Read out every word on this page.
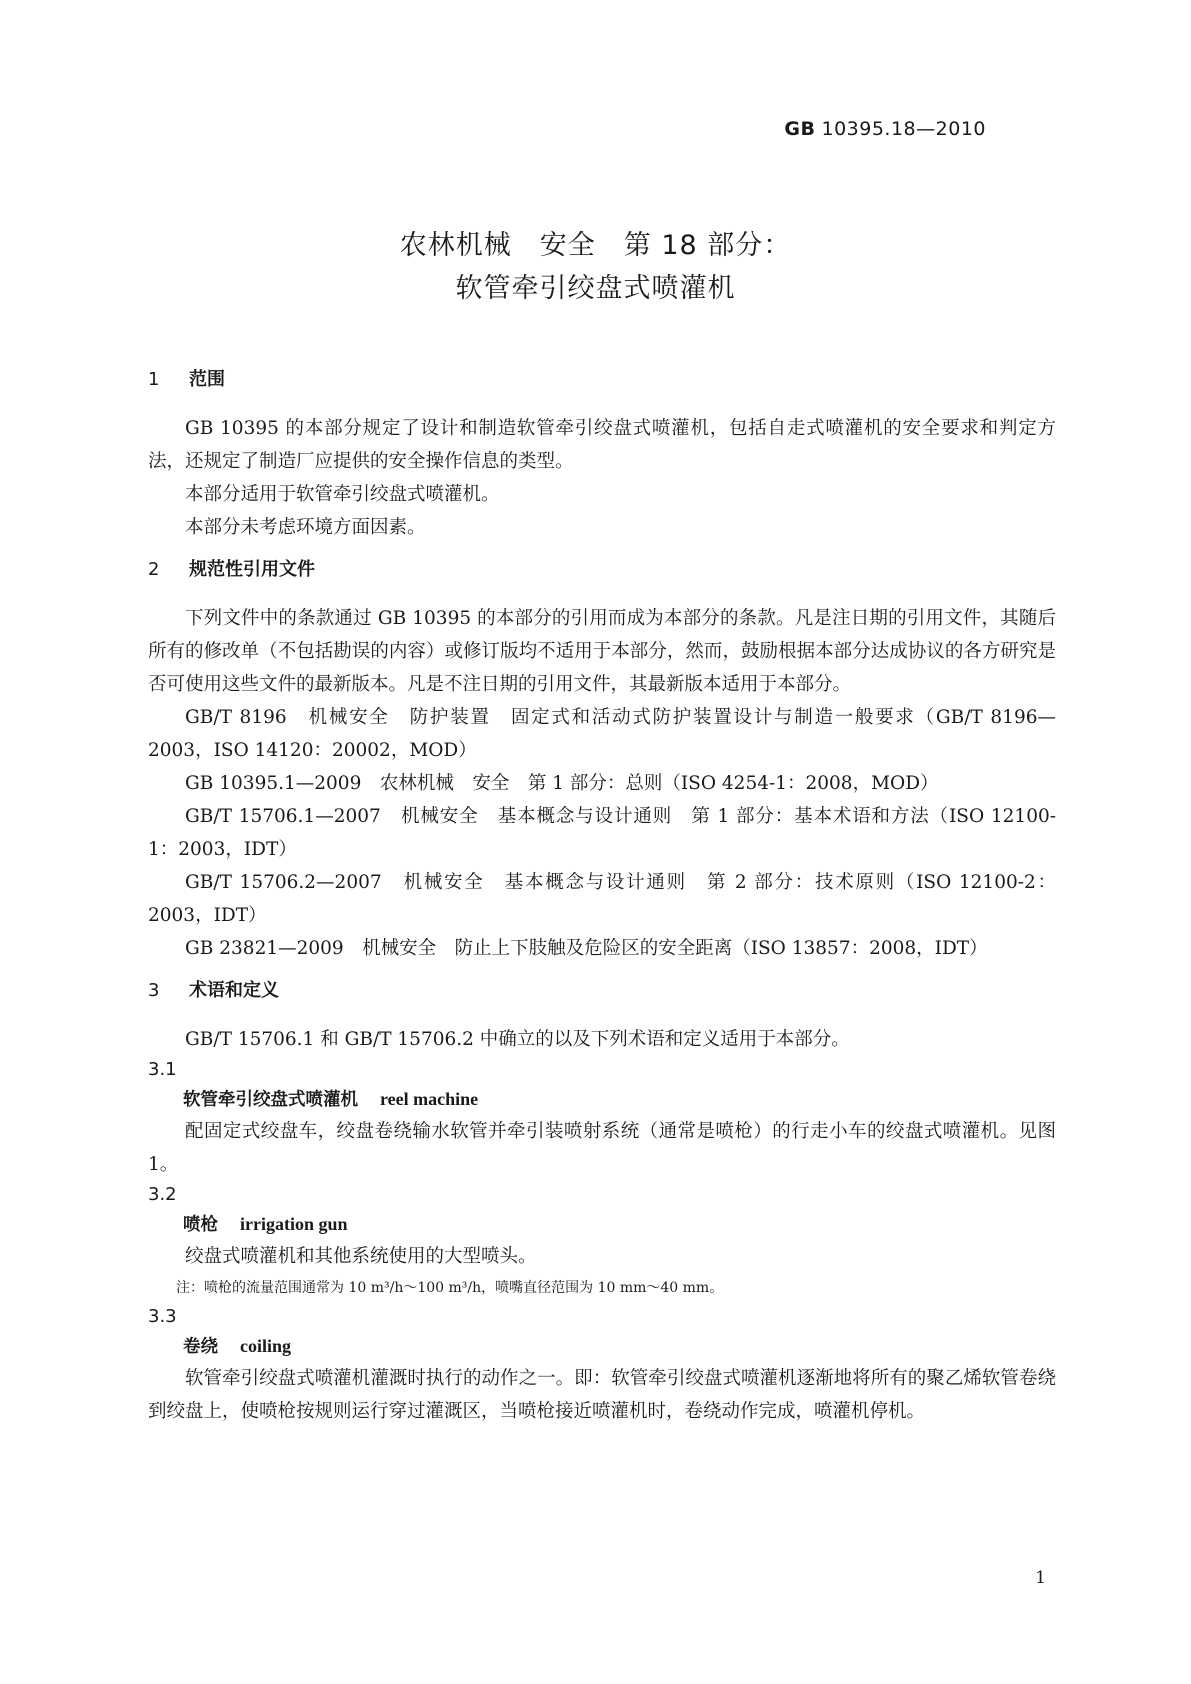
GB 10395.18—2010
农林机械　安全　第 18 部分：
软管牵引绞盘式喷灌机
1 范围
GB 10395 的本部分规定了设计和制造软管牵引绞盘式喷灌机，包括自走式喷灌机的安全要求和判定方法，还规定了制造厂应提供的安全操作信息的类型。
本部分适用于软管牵引绞盘式喷灌机。
本部分未考虑环境方面因素。
2 规范性引用文件
下列文件中的条款通过 GB 10395 的本部分的引用而成为本部分的条款。凡是注日期的引用文件，其随后所有的修改单（不包括勘误的内容）或修订版均不适用于本部分，然而，鼓励根据本部分达成协议的各方研究是否可使用这些文件的最新版本。凡是不注日期的引用文件，其最新版本适用于本部分。
GB/T 8196　机械安全　防护装置　固定式和活动式防护装置设计与制造一般要求（GB/T 8196—2003，ISO 14120：20002，MOD）
GB 10395.1—2009　农林机械　安全　第 1 部分：总则（ISO 4254-1：2008，MOD）
GB/T 15706.1—2007　机械安全　基本概念与设计通则　第 1 部分：基本术语和方法（ISO 12100-1：2003，IDT）
GB/T 15706.2—2007　机械安全　基本概念与设计通则　第 2 部分：技术原则（ISO 12100-2：2003，IDT）
GB 23821—2009　机械安全　防止上下肢触及危险区的安全距离（ISO 13857：2008，IDT）
3 术语和定义
GB/T 15706.1 和 GB/T 15706.2 中确立的以及下列术语和定义适用于本部分。
3.1
软管牵引绞盘式喷灌机 reel machine
配固定式绞盘车，绞盘卷绕输水软管并牵引装喷射系统（通常是喷枪）的行走小车的绞盘式喷灌机。见图 1。
3.2
喷枪 irrigation gun
绞盘式喷灌机和其他系统使用的大型喷头。
注：喷枪的流量范围通常为 10 m³/h～100 m³/h，喷嘴直径范围为 10 mm～40 mm。
3.3
卷绕 coiling
软管牵引绞盘式喷灌机灌溉时执行的动作之一。即：软管牵引绞盘式喷灌机逐渐地将所有的聚乙烯软管卷绕到绞盘上，使喷枪按规则运行穿过灌溉区，当喷枪接近喷灌机时，卷绕动作完成，喷灌机停机。
1
